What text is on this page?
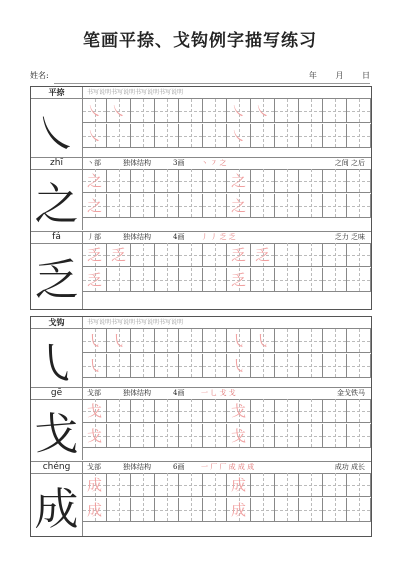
笔画平捺、戈钩例字描写练习
姓名:	年 月 日
平捺	书写说明书写说明书写说明书写说明
㇏ ㇏ ㇏	㇏ ㇏
㇏	㇏
zhī	丶部	独体结构	3画 丶 ㇇ 之	之间 之后
之 之	之
之	之
fá	丿部	独体结构	4画 丿 丿 乏 乏	乏力 乏味
乏 乏 乏	乏 乏
乏	乏
戈钩	书写说明书写说明书写说明书写说明
㇂ ㇂ ㇂	㇂ ㇂
㇂	㇂
gē	戈部	独体结构	4画 一 乚 戈 戈	金戈铁马
戈 戈	戈
戈	戈
chéng	戈部	独体结构	6画 一 厂 厂 成 成 成	成功 成长
成 成	成
成	成
